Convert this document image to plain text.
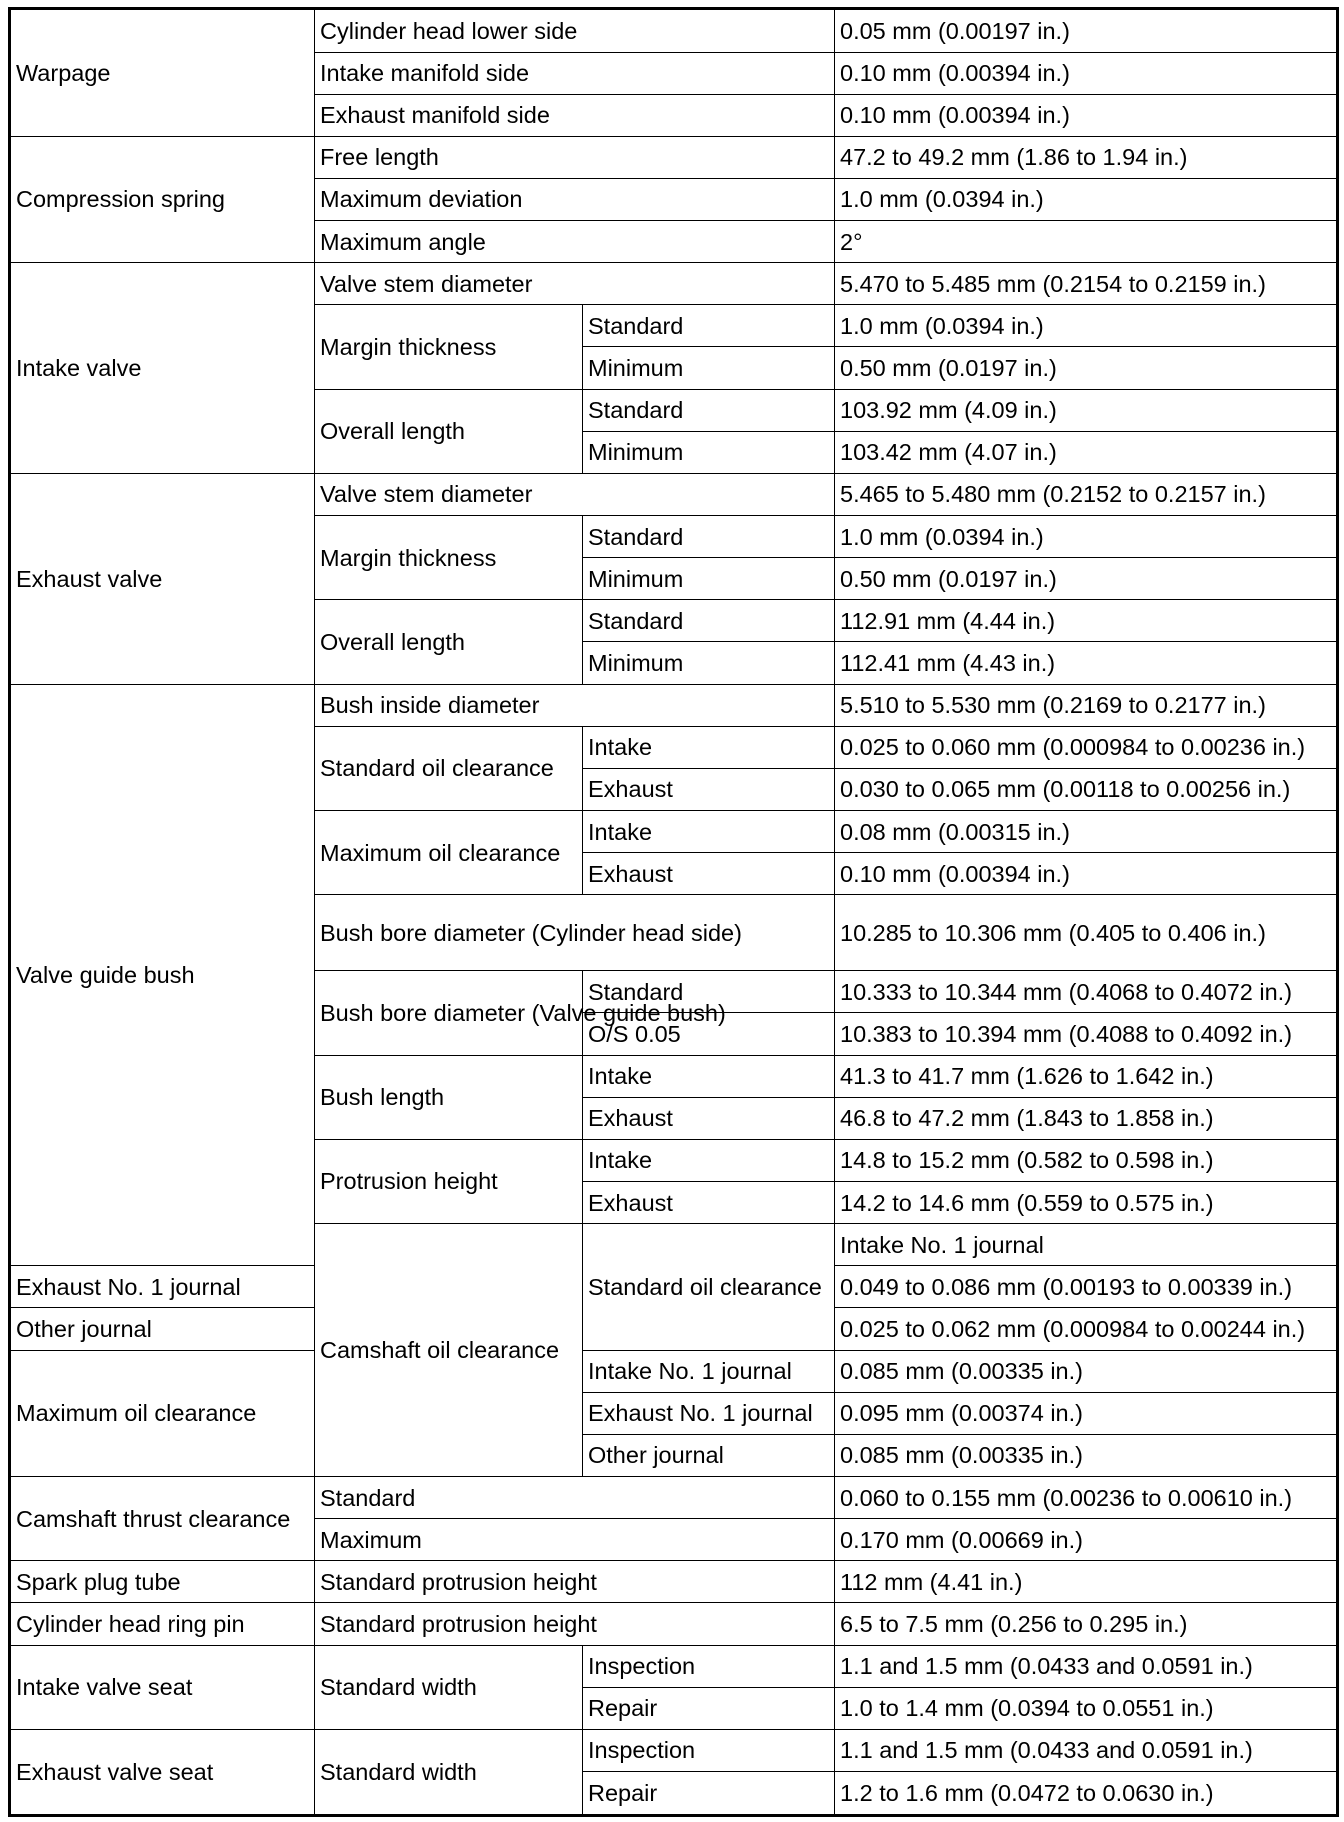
Warpage	Cylinder head lower side		0.05 mm (0.00197 in.)	
	Intake manifold side		0.10 mm (0.00394 in.)	
	Exhaust manifold side		0.10 mm (0.00394 in.)	
Compression spring	Free length		47.2 to 49.2 mm (1.86 to 1.94 in.)	
	Maximum deviation		1.0 mm (0.0394 in.)	
	Maximum angle		2°	
Intake valve	Valve stem diameter		5.470 to 5.485 mm (0.2154 to 0.2159 in.)	
	Margin thickness	Standard	1.0 mm (0.0394 in.)	
		Minimum	0.50 mm (0.0197 in.)	
	Overall length	Standard	103.92 mm (4.09 in.)	
		Minimum	103.42 mm (4.07 in.)	
Exhaust valve	Valve stem diameter		5.465 to 5.480 mm (0.2152 to 0.2157 in.)	
	Margin thickness	Standard	1.0 mm (0.0394 in.)	
		Minimum	0.50 mm (0.0197 in.)	
	Overall length	Standard	112.91 mm (4.44 in.)	
		Minimum	112.41 mm (4.43 in.)	
Valve guide bush	Bush inside diameter		5.510 to 5.530 mm (0.2169 to 0.2177 in.)	
	Standard oil clearance	Intake	0.025 to 0.060 mm (0.000984 to 0.00236 in.)	
		Exhaust	0.030 to 0.065 mm (0.00118 to 0.00256 in.)	
	Maximum oil clearance	Intake	0.08 mm (0.00315 in.)	
		Exhaust	0.10 mm (0.00394 in.)	
	Bush bore diameter (Cylinder head side)		10.285 to 10.306 mm (0.405 to 0.406 in.)	
	Bush bore diameter (Valve guide bush)	Standard	10.333 to 10.344 mm (0.4068 to 0.4072 in.)	
		O/S 0.05	10.383 to 10.394 mm (0.4088 to 0.4092 in.)	
	Bush length	Intake	41.3 to 41.7 mm (1.626 to 1.642 in.)	
		Exhaust	46.8 to 47.2 mm (1.843 to 1.858 in.)	
	Protrusion height	Intake	14.8 to 15.2 mm (0.582 to 0.598 in.)	
		Exhaust	14.2 to 14.6 mm (0.559 to 0.575 in.)	
	Camshaft oil clearance	Standard oil clearance	Intake No. 1 journal	
Exhaust No. 1 journal			0.049 to 0.086 mm (0.00193 to 0.00339 in.)	
Other journal			0.025 to 0.062 mm (0.000984 to 0.00244 in.)	
Maximum oil clearance		Intake No. 1 journal	0.085 mm (0.00335 in.)	
		Exhaust No. 1 journal	0.095 mm (0.00374 in.)	
		Other journal	0.085 mm (0.00335 in.)	
Camshaft thrust clearance	Standard		0.060 to 0.155 mm (0.00236 to 0.00610 in.)	
	Maximum		0.170 mm (0.00669 in.)	
Spark plug tube	Standard protrusion height		112 mm (4.41 in.)	
Cylinder head ring pin	Standard protrusion height		6.5 to 7.5 mm (0.256 to 0.295 in.)	
Intake valve seat	Standard width	Inspection	1.1 and 1.5 mm (0.0433 and 0.0591 in.)	
		Repair	1.0 to 1.4 mm (0.0394 to 0.0551 in.)	
Exhaust valve seat	Standard width	Inspection	1.1 and 1.5 mm (0.0433 and 0.0591 in.)	
		Repair	1.2 to 1.6 mm (0.0472 to 0.0630 in.)	
